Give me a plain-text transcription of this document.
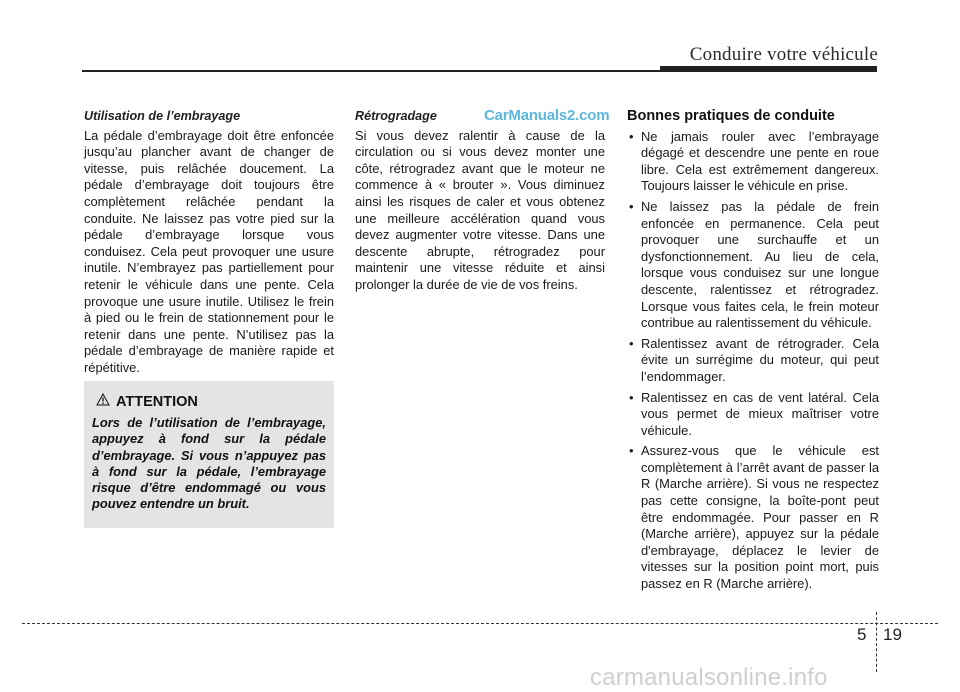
Conduire votre véhicule

Utilisation de l’embrayage

La pédale d’embrayage doit être enfoncée jusqu’au plancher avant de changer de vitesse, puis relâchée doucement. La pédale d’embrayage doit toujours être complètement relâchée pendant la conduite. Ne laissez pas votre pied sur la pédale d’embrayage lorsque vous conduisez. Cela peut provoquer une usure inutile. N’embrayez pas partiellement pour retenir le véhicule dans une pente. Cela provoque une usure inutile. Utilisez le frein à pied ou le frein de stationnement pour le retenir dans une pente. N’utilisez pas la pédale d’embrayage de manière rapide et répétitive.

ATTENTION

Lors de l’utilisation de l’embrayage, appuyez à fond sur la pédale d’embrayage. Si vous n’appuyez pas à fond sur la pédale, l’embrayage risque d’être endommagé ou vous pouvez entendre un bruit.

Rétrogradage

Si vous devez ralentir à cause de la circulation ou si vous devez monter une côte, rétrogradez avant que le moteur ne commence à « brouter ». Vous diminuez ainsi les risques de caler et vous obtenez une meilleure accélération quand vous devez augmenter votre vitesse. Dans une descente abrupte, rétrogradez pour maintenir une vitesse réduite et ainsi prolonger la durée de vie de vos freins.

CarManuals2.com Bonnes pratiques de conduite

• Ne jamais rouler avec l’embrayage dégagé et descendre une pente en roue libre. Cela est extrêmement dangereux. Toujours laisser le véhicule en prise.
• Ne laissez pas la pédale de frein enfoncée en permanence. Cela peut provoquer une surchauffe et un dysfonctionnement. Au lieu de cela, lorsque vous conduisez sur une longue descente, ralentissez et rétrogradez. Lorsque vous faites cela, le frein moteur contribue au ralentissement du véhicule.
• Ralentissez avant de rétrograder. Cela évite un surrégime du moteur, qui peut l’endommager.
• Ralentissez en cas de vent latéral. Cela vous permet de mieux maîtriser votre véhicule.
• Assurez-vous que le véhicule est complètement à l’arrêt avant de passer la R (Marche arrière). Si vous ne respectez pas cette consigne, la boîte-pont peut être endommagée. Pour passer en R (Marche arrière), appuyez sur la pédale d'embrayage, déplacez le levier de vitesses sur la position point mort, puis passez en R (Marche arrière).
5 19
carmanualsonline.info
